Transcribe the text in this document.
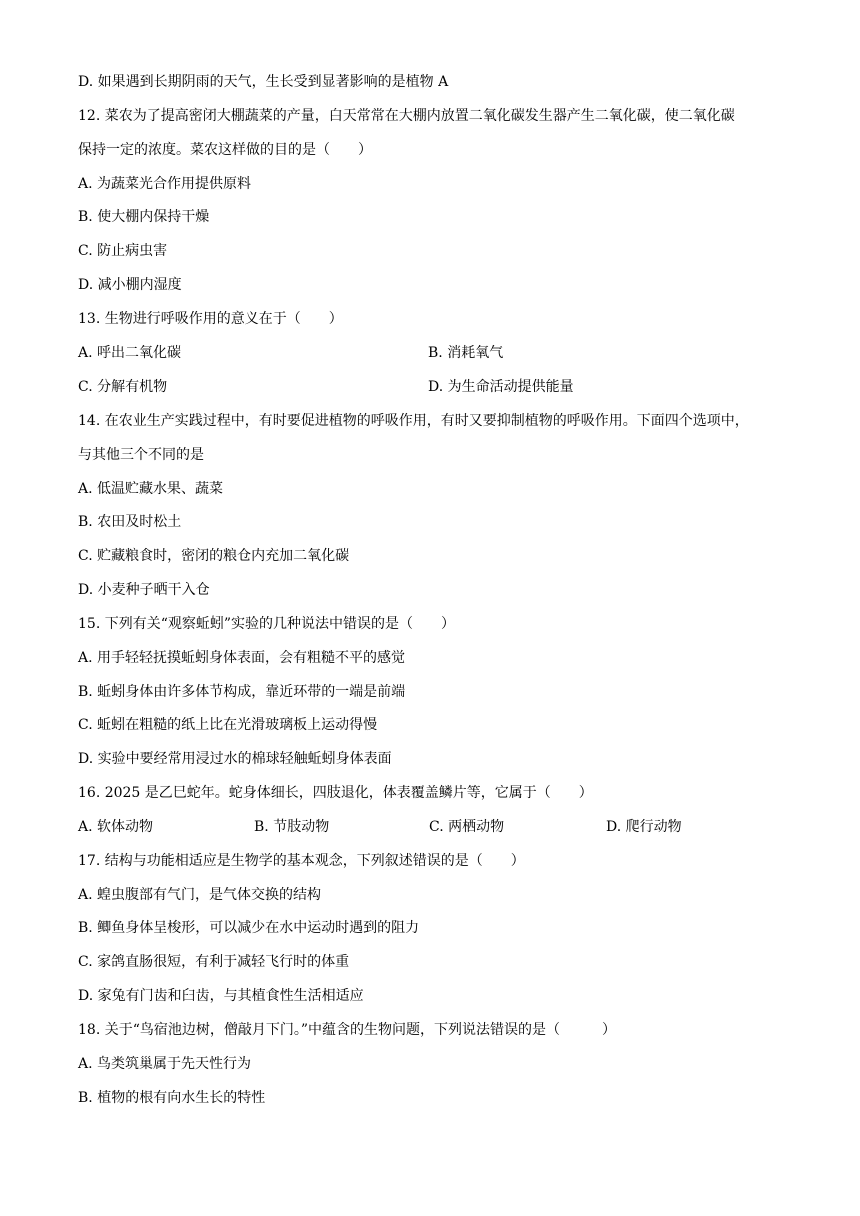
D. 如果遇到长期阴雨的天气，生长受到显著影响的是植物 A
12. 菜农为了提高密闭大棚蔬菜的产量，白天常常在大棚内放置二氧化碳发生器产生二氧化碳，使二氧化碳
保持一定的浓度。菜农这样做的目的是（　　）
A. 为蔬菜光合作用提供原料
B. 使大棚内保持干燥
C. 防止病虫害
D. 减小棚内湿度
13. 生物进行呼吸作用的意义在于（　　）
A. 呼出二氧化碳	B. 消耗氧气
C. 分解有机物	D. 为生命活动提供能量
14. 在农业生产实践过程中，有时要促进植物的呼吸作用，有时又要抑制植物的呼吸作用。下面四个选项中，
与其他三个不同的是
A. 低温贮藏水果、蔬菜
B. 农田及时松土
C. 贮藏粮食时，密闭的粮仓内充加二氧化碳
D. 小麦种子晒干入仓
15. 下列有关“观察蚯蚓”实验的几种说法中错误的是（　　）
A. 用手轻轻抚摸蚯蚓身体表面，会有粗糙不平的感觉
B. 蚯蚓身体由许多体节构成，靠近环带的一端是前端
C. 蚯蚓在粗糙的纸上比在光滑玻璃板上运动得慢
D. 实验中要经常用浸过水的棉球轻触蚯蚓身体表面
16. 2025 是乙巳蛇年。蛇身体细长，四肢退化，体表覆盖鳞片等，它属于（　　）
A. 软体动物	B. 节肢动物	C. 两栖动物	D. 爬行动物
17. 结构与功能相适应是生物学的基本观念，下列叙述错误的是（　　）
A. 蝗虫腹部有气门，是气体交换的结构
B. 鲫鱼身体呈梭形，可以减少在水中运动时遇到的阻力
C. 家鸽直肠很短，有利于减轻飞行时的体重
D. 家兔有门齿和臼齿，与其植食性生活相适应
18. 关于“鸟宿池边树，僧敲月下门。”中蕴含的生物问题，下列说法错误的是（　　　）
A. 鸟类筑巢属于先天性行为
B. 植物的根有向水生长的特性
